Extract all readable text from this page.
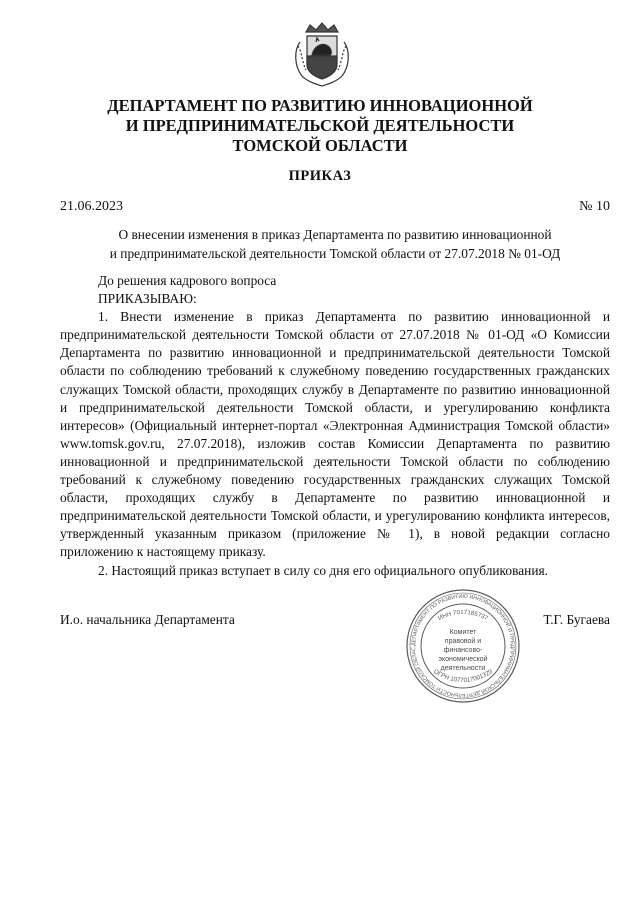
ДЕПАРТАМЕНТ ПО РАЗВИТИЮ ИННОВАЦИОННОЙ
И ПРЕДПРИНИМАТЕЛЬСКОЙ ДЕЯТЕЛЬНОСТИ
ТОМСКОЙ ОБЛАСТИ
ПРИКАЗ
21.06.2023	№ 10
О внесении изменения в приказ Департамента по развитию инновационной
и предпринимательской деятельности Томской области от 27.07.2018 № 01-ОД
До решения кадрового вопроса
ПРИКАЗЫВАЮ:

1. Внести изменение в приказ Департамента по развитию инновационной и предпринимательской деятельности Томской области от 27.07.2018 № 01-ОД «О Комиссии Департамента по развитию инновационной и предпринимательской деятельности Томской области по соблюдению требований к служебному поведению государственных гражданских служащих Томской области, проходящих службу в Департаменте по развитию инновационной и предпринимательской деятельности Томской области, и урегулированию конфликта интересов» (Официальный интернет-портал «Электронная Администрация Томской области» www.tomsk.gov.ru, 27.07.2018), изложив состав Комиссии Департамента по развитию инновационной и предпринимательской деятельности Томской области по соблюдению требований к служебному поведению государственных гражданских служащих Томской области, проходящих службу в Департаменте по развитию инновационной и предпринимательской деятельности Томской области, и урегулированию конфликта интересов, утвержденный указанным приказом (приложение № 1), в новой редакции согласно приложению к настоящему приказу.

2. Настоящий приказ вступает в силу со дня его официального опубликования.

И.о. начальника Департамента	Т.Г. Бугаева
ДЕПАРТАМЕНТ ПО РАЗВИТИЮ ИННОВАЦИОННОЙ И ПРЕДПРИНИМАТЕЛЬСКОЙ ДЕЯТЕЛЬНОСТИ ТОМСКОЙ ОБЛАС
ИНН 7017185737
Комитет
правовой и
финансово-
экономической
деятельности
ОГРН 1077017001329
